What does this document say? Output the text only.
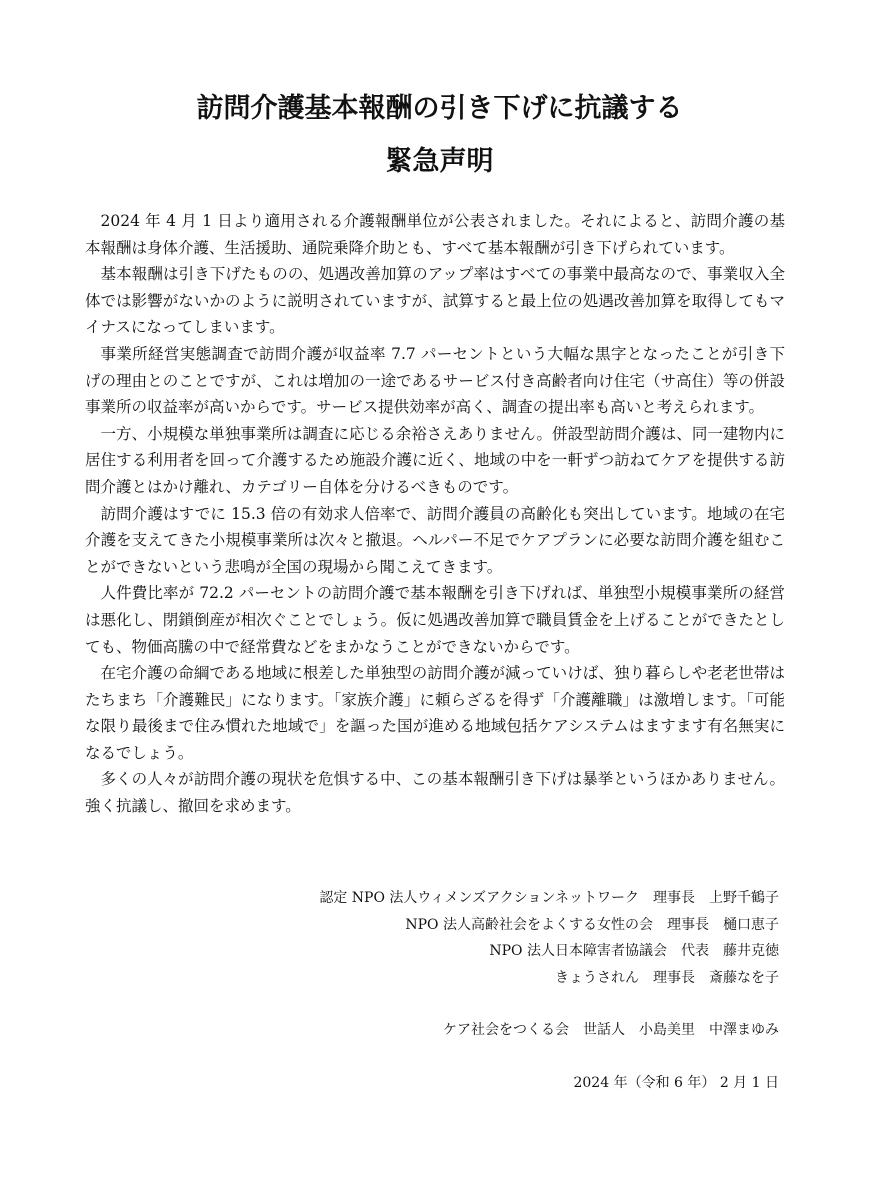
訪問介護基本報酬の引き下げに抗議する
緊急声明

2024 年 4 月 1 日より適用される介護報酬単位が公表されました。それによると、訪問介護の基本報酬は身体介護、生活援助、通院乗降介助とも、すべて基本報酬が引き下げられています。

基本報酬は引き下げたものの、処遇改善加算のアップ率はすべての事業中最高なので、事業収入全体では影響がないかのように説明されていますが、試算すると最上位の処遇改善加算を取得してもマイナスになってしまいます。

事業所経営実態調査で訪問介護が収益率 7.7 パーセントという大幅な黒字となったことが引き下げの理由とのことですが、これは増加の一途であるサービス付き高齢者向け住宅（サ高住）等の併設事業所の収益率が高いからです。サービス提供効率が高く、調査の提出率も高いと考えられます。

一方、小規模な単独事業所は調査に応じる余裕さえありません。併設型訪問介護は、同一建物内に居住する利用者を回って介護するため施設介護に近く、地域の中を一軒ずつ訪ねてケアを提供する訪問介護とはかけ離れ、カテゴリー自体を分けるべきものです。

訪問介護はすでに 15.3 倍の有効求人倍率で、訪問介護員の高齢化も突出しています。地域の在宅介護を支えてきた小規模事業所は次々と撤退。ヘルパー不足でケアプランに必要な訪問介護を組むことができないという悲鳴が全国の現場から聞こえてきます。

人件費比率が 72.2 パーセントの訪問介護で基本報酬を引き下げれば、単独型小規模事業所の経営は悪化し、閉鎖倒産が相次ぐことでしょう。仮に処遇改善加算で職員賃金を上げることができたとしても、物価高騰の中で経常費などをまかなうことができないからです。

在宅介護の命綱である地域に根差した単独型の訪問介護が減っていけば、独り暮らしや老老世帯はたちまち「介護難民」になります。「家族介護」に頼らざるを得ず「介護離職」は激増します。「可能な限り最後まで住み慣れた地域で」を謳った国が進める地域包括ケアシステムはますます有名無実になるでしょう。

多くの人々が訪問介護の現状を危惧する中、この基本報酬引き下げは暴挙というほかありません。強く抗議し、撤回を求めます。

認定 NPO 法人ウィメンズアクションネットワーク　理事長　上野千鶴子
NPO 法人高齢社会をよくする女性の会　理事長　樋口恵子
NPO 法人日本障害者協議会　代表　藤井克徳
きょうされん　理事長　斎藤なを子
ケア社会をつくる会　世話人　小島美里　中澤まゆみ
2024 年（令和 6 年） 2 月 1 日
